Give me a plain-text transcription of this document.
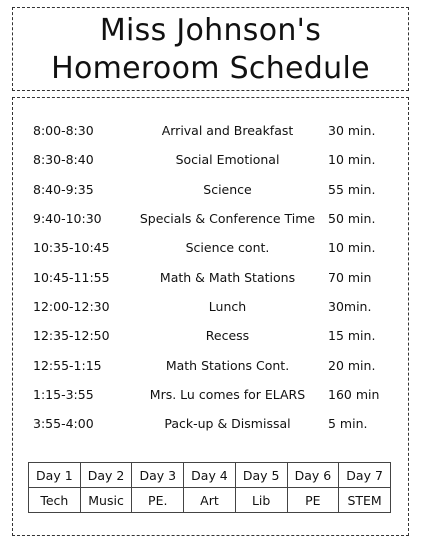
Miss Johnson's
Homeroom Schedule
8:00-8:30	Arrival and Breakfast	30 min.
8:30-8:40	Social Emotional	10 min.
8:40-9:35	Science	55 min.
9:40-10:30	Specials & Conference Time	50 min.
10:35-10:45	Science cont.	10 min.
10:45-11:55	Math & Math Stations	70 min
12:00-12:30	Lunch	30min.
12:35-12:50	Recess	15 min.
12:55-1:15	Math Stations Cont.	20 min.
1:15-3:55	Mrs. Lu comes for ELARS	160 min
3:55-4:00	Pack-up & Dismissal	5 min.
Day 1	Day 2	Day 3	Day 4	Day 5	Day 6	Day 7
Tech	Music	PE.	Art	Lib	PE	STEM
